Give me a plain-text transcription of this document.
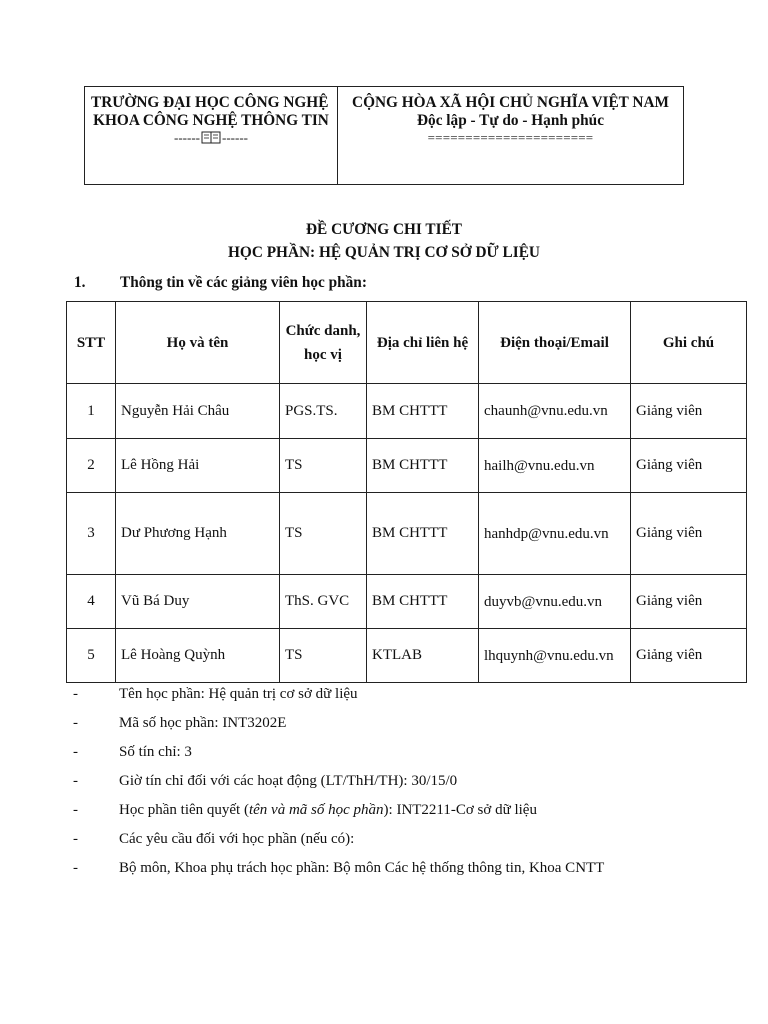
TRƯỜNG ĐẠI HỌC CÔNG NGHỆ
KHOA CÔNG NGHỆ THÔNG TIN
------ ------
CỘNG HÒA XÃ HỘI CHỦ NGHĨA VIỆT NAM
Độc lập - Tự do - Hạnh phúc
======================
ĐỀ CƯƠNG CHI TIẾT
HỌC PHẦN: HỆ QUẢN TRỊ CƠ SỞ DỮ LIỆU
1. Thông tin về các giảng viên học phần:
STT	Họ và tên	Chức danh, học vị	Địa chỉ liên hệ	Điện thoại/Email	Ghi chú
1	Nguyễn Hải Châu	PGS.TS.	BM CHTTT	chaunh@vnu.edu.vn	Giảng viên
2	Lê Hồng Hải	TS	BM CHTTT	hailh@vnu.edu.vn	Giảng viên
3	Dư Phương Hạnh	TS	BM CHTTT	hanhdp@vnu.edu.vn	Giảng viên
4	Vũ Bá Duy	ThS. GVC	BM CHTTT	duyvb@vnu.edu.vn	Giảng viên
5	Lê Hoàng Quỳnh	TS	KTLAB	lhquynh@vnu.edu.vn	Giảng viên
-	Tên học phần: Hệ quản trị cơ sở dữ liệu
-	Mã số học phần: INT3202E
-	Số tín chỉ: 3
-	Giờ tín chỉ đối với các hoạt động (LT/ThH/TH): 30/15/0
-	Học phần tiên quyết (tên và mã số học phần): INT2211-Cơ sở dữ liệu
-	Các yêu cầu đối với học phần (nếu có):
-	Bộ môn, Khoa phụ trách học phần: Bộ môn Các hệ thống thông tin, Khoa CNTT
